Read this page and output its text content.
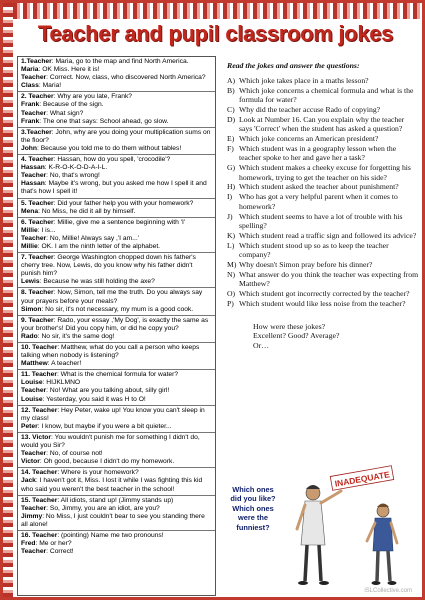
Teacher and pupil classroom jokes
1.Teacher: Maria, go to the map and find North America.
Maria: OK Miss. Here it is!
Teacher: Correct. Now, class, who discovered North America?
Class: Maria!
2. Teacher: Why are you late, Frank?
Frank: Because of the sign.
Teacher: What sign?
Frank: The one that says: School ahead, go slow.
3.Teacher: John, why are you doing your multiplication sums on the floor?
John: Because you told me to do them without tables!
4. Teacher: Hassan, how do you spell, 'crocodile'?
Hassan: K-R-O-K-O-D-A-I-L.
Teacher: No, that's wrong!
Hassan: Maybe it's wrong, but you asked me how I spell it and that's how I spell it!
5. Teacher: Did your father help you with your homework?
Mena: No Miss, he did it all by himself.
6. Teacher: Millie, give me a sentence beginning with 'I'
Millie: I is...
Teacher: No, Millie! Always say ,'I am...'
Millie: OK. I am the ninth letter of the alphabet.
7. Teacher: George Washington chopped down his father's cherry tree. Now, Lewis, do you know why his father didn't punish him?
Lewis: Because he was still holding the axe?
8. Teacher: Now, Simon, tell me the truth. Do you always say your prayers before your meals?
Simon: No sir, it's not necessary, my mum is a good cook.
9. Teacher: Rado, your essay ,'My Dog', is exactly the same as your brother's! Did you copy him, or did he copy you?
Rado: No sir, it's the same dog!
10. Teacher: Matthew, what do you call a person who keeps talking when nobody is listening?
Matthew: A teacher!
11. Teacher: What is the chemical formula for water?
Louise: HIJKLMNO
Teacher: No! What are you talking about, silly girl!
Louise: Yesterday, you said it was H to O!
12. Teacher: Hey Peter, wake up! You know you can't sleep in my class!
Peter: I know, but maybe if you were a bit quieter...
13. Victor: You wouldn't punish me for something I didn't do, would you Sir?
Teacher: No, of course not!
Victor: Oh good, because I didn't do my homework.
14. Teacher: Where is your homework?
Jack: I haven't got it, Miss. I lost it while I was fighting this kid who said you weren't the best teacher in the school!
15. Teacher: All idiots, stand up! (Jimmy stands up)
Teacher: So, Jimmy, you are an idiot, are you?
Jimmy: No Miss, I just couldn't bear to see you standing there all alone!
16. Teacher: (pointing) Name me two pronouns!
Fred: Me or her?
Teacher: Correct!
Read the jokes and answer the questions:
A) Which joke takes place in a maths lesson?
B) Which joke concerns a chemical formula and what is the formula for water?
C) Why did the teacher accuse Rado of copying?
D) Look at Number 16. Can you explain why the teacher says 'Correct' when the student has asked a question?
E) Which joke concerns an American president?
F) Which student was in a geography lesson when the teacher spoke to her and gave her a task?
G) Which student makes a cheeky excuse for forgetting his homework, trying to get the teacher on his side?
H) Which student asked the teacher about punishment?
I) Who has got a very helpful parent when it comes to homework?
J) Which student seems to have a lot of trouble with his spelling?
K) Which student read a traffic sign and followed its advice?
L) Which student stood up so as to keep the teacher company?
M) Why doesn't Simon pray before his dinner?
N) What answer do you think the teacher was expecting from Matthew?
O) Which student got incorrectly corrected by the teacher?
P) Which student would like less noise from the teacher?
How were these jokes?
Excellent? Good? Average?
Or…
Which ones did you like? Which ones were the funniest?
INADEQUATE
iSLCollective.com
